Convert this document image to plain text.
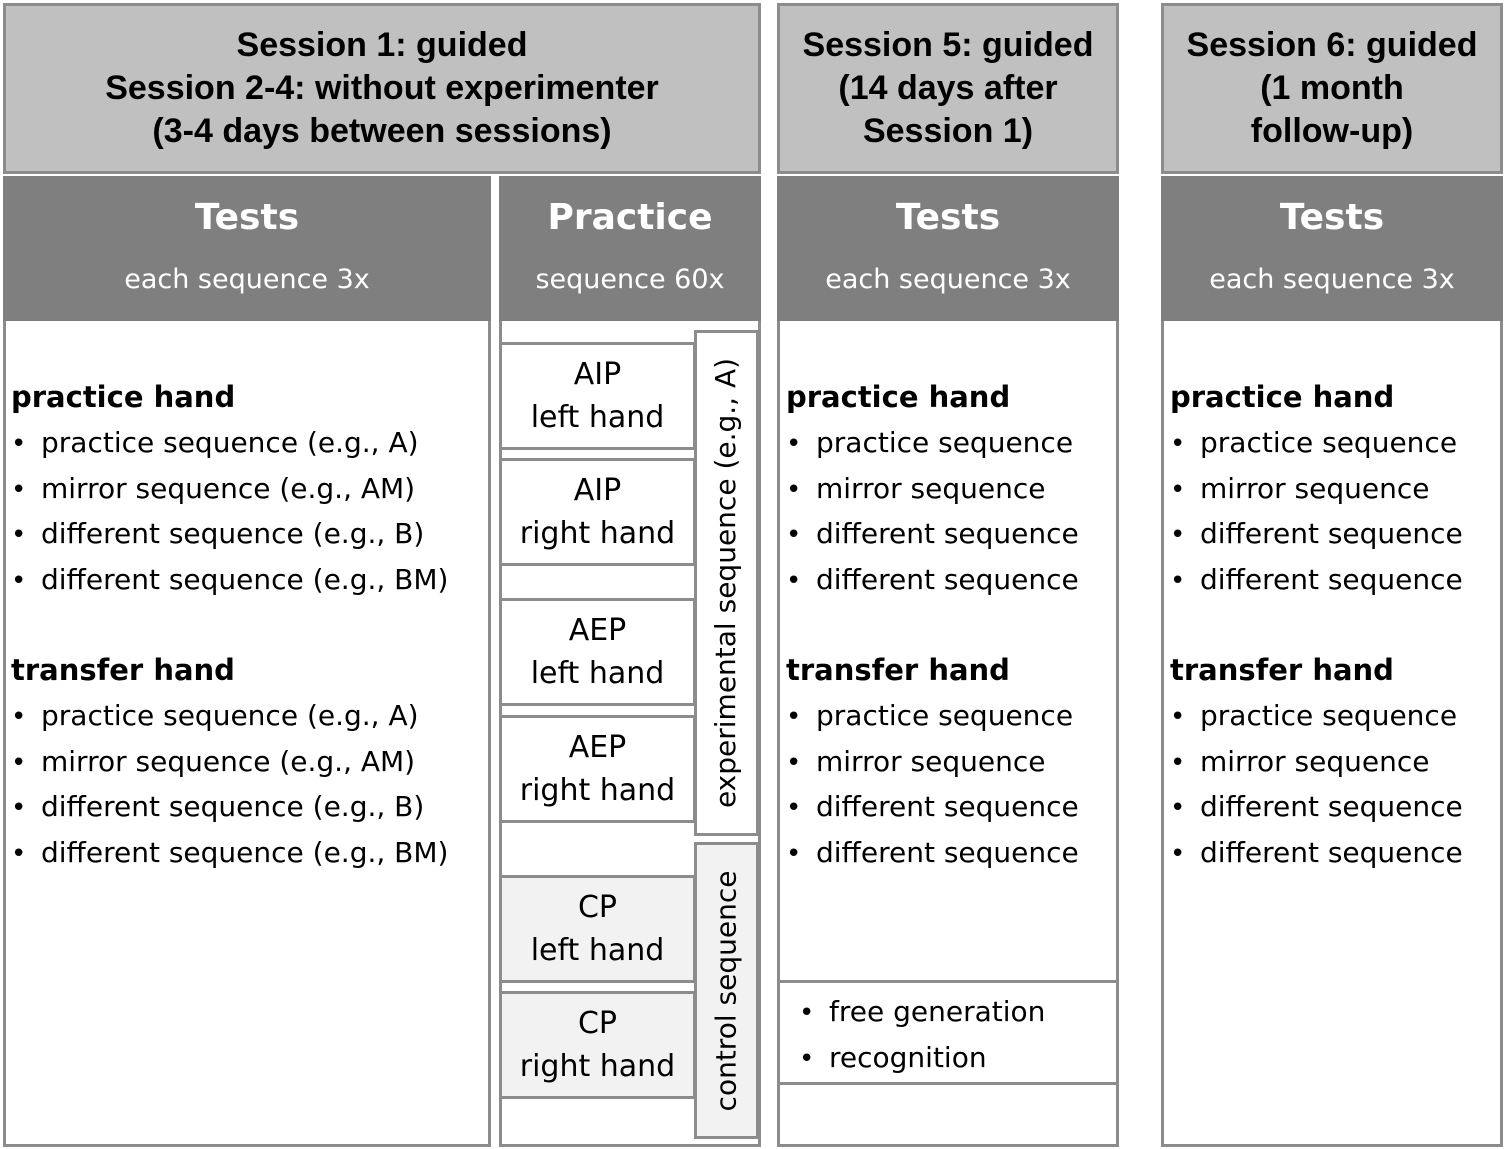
Session 1: guided
Session 2-4: without experimenter
(3-4 days between sessions)
Session 5: guided
(14 days after
Session 1)
Session 6: guided
(1 month
follow-up)
Tests
each sequence 3x
practice hand
• practice sequence (e.g., A)
• mirror sequence (e.g., AM)
• different sequence (e.g., B)
• different sequence (e.g., BM)
transfer hand
• practice sequence (e.g., A)
• mirror sequence (e.g., AM)
• different sequence (e.g., B)
• different sequence (e.g., BM)
Practice
sequence 60x
AIP
left hand
AIP
right hand
AEP
left hand
AEP
right hand
CP
left hand
CP
right hand
experimental sequence (e.g., A)
control sequence
Tests
each sequence 3x
practice hand
• practice sequence
• mirror sequence
• different sequence
• different sequence
transfer hand
• practice sequence
• mirror sequence
• different sequence
• different sequence
• free generation
• recognition
Tests
each sequence 3x
practice hand
• practice sequence
• mirror sequence
• different sequence
• different sequence
transfer hand
• practice sequence
• mirror sequence
• different sequence
• different sequence
